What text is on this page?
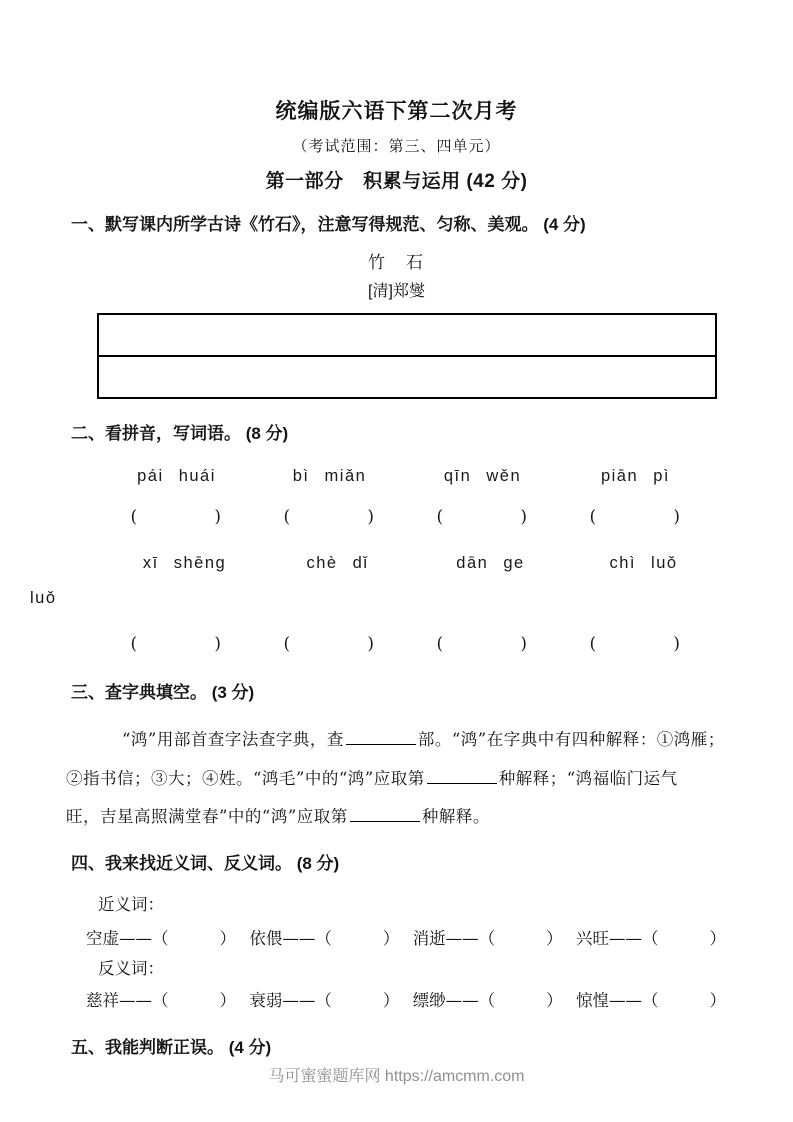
统编版六语下第二次月考
（考试范围：第三、四单元）
第一部分　积累与运用 (42 分)
一、默写课内所学古诗《竹石》，注意写得规范、匀称、美观。 (4 分)
竹　石
[清]郑燮
二、看拼音，写词语。 (8 分)
pái huái	bì miǎn	qīn wěn	piān pì
(	)	(	)	(	)	(	)
xī shēng	chè dǐ	dān ge	chì luǒ
luǒ
(	)	(	)	(	)	(	)
三、查字典填空。 (3 分)

“鸿”用部首查字法查字典，查	部。“鸿”在字典中有四种解释：①鸿雁；
②指书信；③大；④姓。“鸿毛”中的“鸿”应取第	种解释；“鸿福临门运气
旺，吉星高照满堂春”中的“鸿”应取第	种解释。

四、我来找近义词、反义词。 (8 分)
近义词：
空虚—— （	） 依偎—— （	） 消逝—— （	） 兴旺—— （	）
反义词：
慈祥—— （	） 衰弱—— （	） 缥缈—— （	） 惊惶—— （	）
五、我能判断正误。 (4 分)
马可蜜蜜题库网 https://amcmm.com
